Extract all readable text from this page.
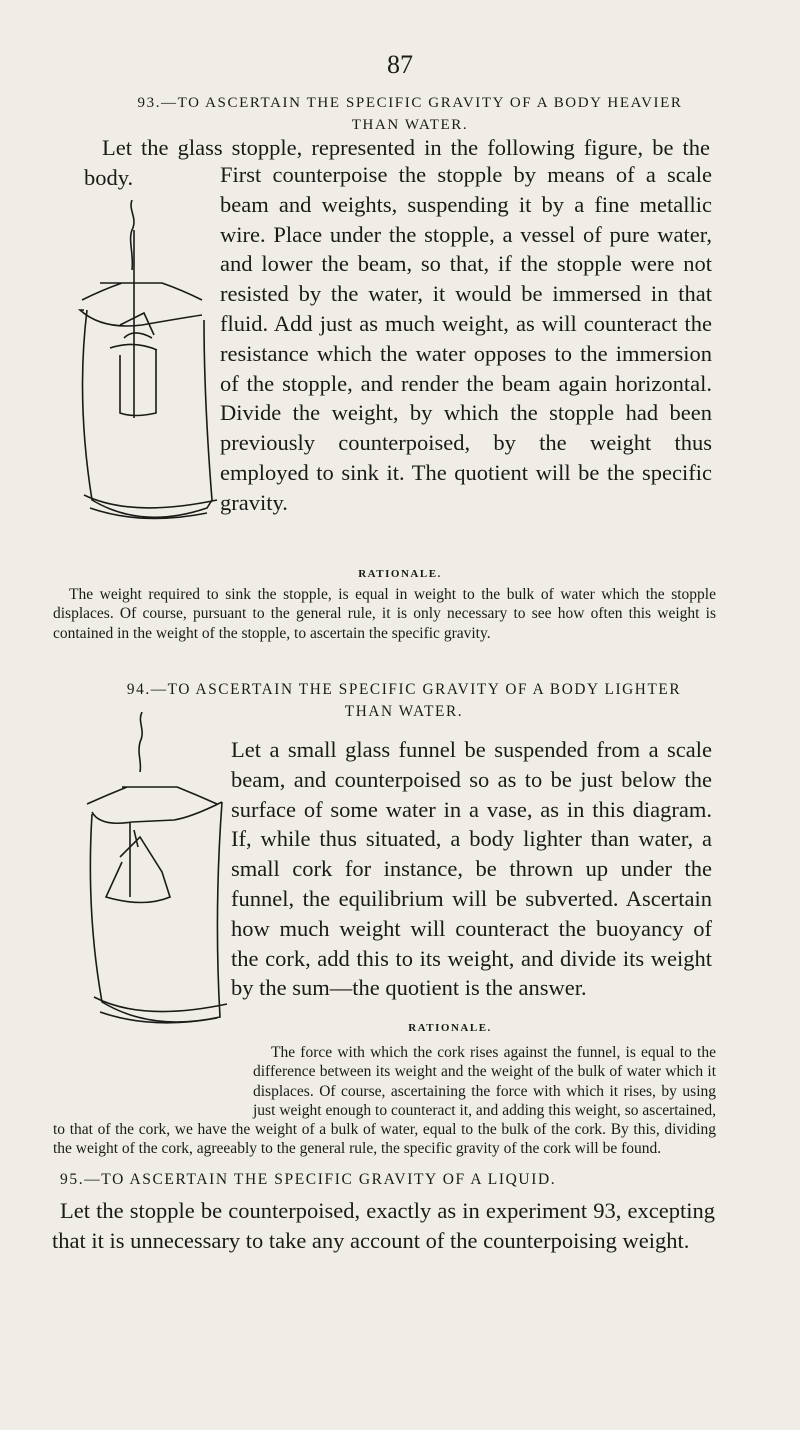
87
93.—TO ASCERTAIN THE SPECIFIC GRAVITY OF A BODY HEAVIER
THAN WATER.
Let the glass stopple, represented in the following figure, be the body.	First counterpoise the stopple by means of a scale beam and weights, suspending it by a fine metallic wire. Place under the stopple, a vessel of pure water, and lower the beam, so that, if the stopple were not resisted by the water, it would be immersed in that fluid. Add just as much weight, as will counteract the resistance which the water opposes to the immersion of the stopple, and render the beam again horizontal. Divide the weight, by which the stopple had been previously counterpoised, by the weight thus employed to sink it. The quotient will be the specific gravity.
RATIONALE.
The weight required to sink the stopple, is equal in weight to the bulk of water which the stopple displaces. Of course, pursuant to the general rule, it is only necessary to see how often this weight is contained in the weight of the stopple, to ascertain the specific gravity.
94.—TO ASCERTAIN THE SPECIFIC GRAVITY OF A BODY LIGHTER
THAN WATER.
Let a small glass funnel be suspended from a scale beam, and counterpoised so as to be just below the surface of some water in a vase, as in this diagram. If, while thus situated, a body lighter than water, a small cork for instance, be thrown up under the funnel, the equilibrium will be subverted. Ascertain how much weight will counteract the buoyancy of the cork, add this to its weight, and divide its weight by the sum—the quotient is the answer.
RATIONALE.
The force with which the cork rises against the funnel, is equal to the difference between its weight and the weight of the bulk of water which it displaces. Of course, ascertaining the force with which it rises, by using just weight enough to counteract it, and adding this weight, so ascertained, to that of the cork, we have the weight of a bulk of water, equal to the bulk of the cork. By this, dividing the weight of the cork, agreeably to the general rule, the specific gravity of the cork will be found.
95.—TO ASCERTAIN THE SPECIFIC GRAVITY OF A LIQUID.
Let the stopple be counterpoised, exactly as in experiment 93, excepting that it is unnecessary to take any account of the counterpoising weight.
